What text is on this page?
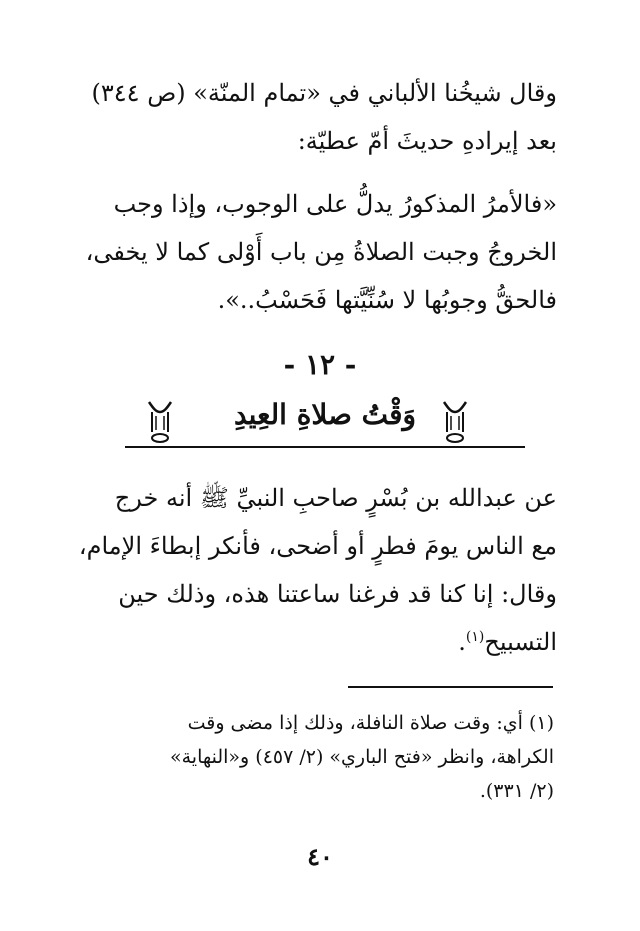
وقال شيخُنا الألباني في «تمام المنّة» (ص ٣٤٤)
بعد إيرادهِ حديثَ أمّ عطيّة:
«فالأمرُ المذكورُ يدلُّ على الوجوب، وإذا وجب
الخروجُ وجبت الصلاةُ مِن باب أَوْلى كما لا يخفى،
فالحقُّ وجوبُها لا سُنِّيَّتها فَحَسْبُ..».
- ١٢ -
وَقْتُ صلاةِ العِيدِ
عن عبدالله بن بُسْرٍ صاحبِ النبيِّ ﷺ أنه خرج
مع الناس يومَ فطرٍ أو أضحى، فأنكر إبطاءَ الإمام،
وقال: إنا كنا قد فرغنا ساعتنا هذه، وذلك حين
التسبيح$^{(١)}$.
(١) أي: وقت صلاة النافلة، وذلك إذا مضى وقت
الكراهة، وانظر «فتح الباري» (٢/ ٤٥٧) و«النهاية»
(٢/ ٣٣١).
٤٠
